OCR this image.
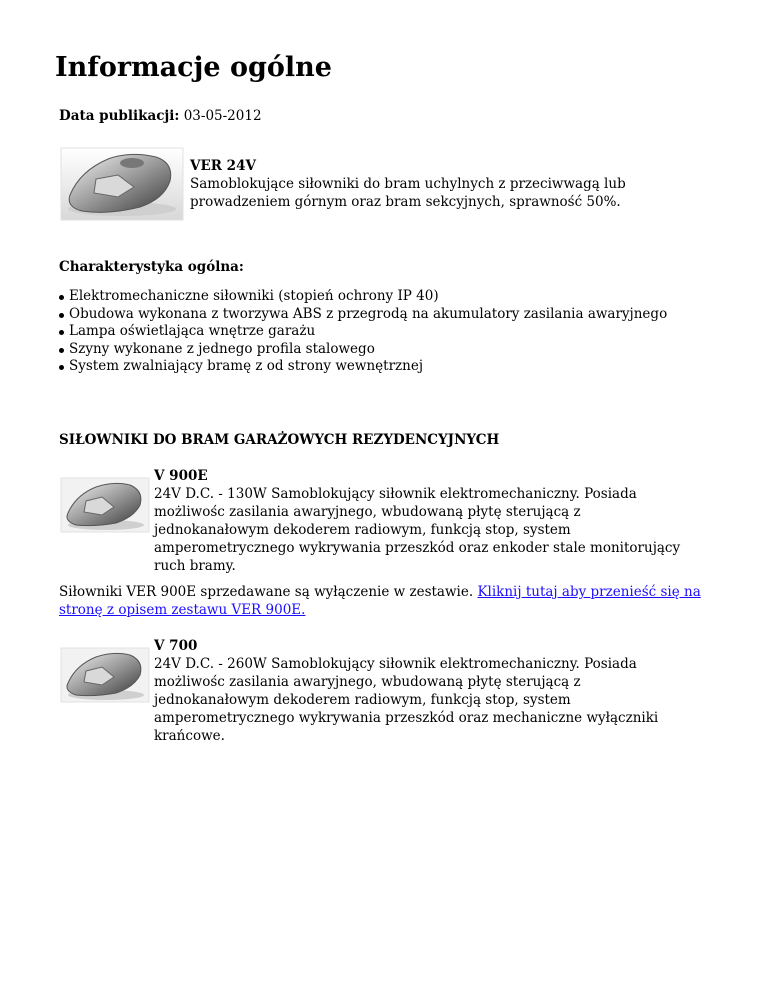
Informacje ogólne
Data publikacji: 03-05-2012
VER 24V
Samoblokujące siłowniki do bram uchylnych z przeciwwagą lub prowadzeniem górnym oraz bram sekcyjnych, sprawność 50%.
Charakterystyka ogólna:
Elektromechaniczne siłowniki (stopień ochrony IP 40)
Obudowa wykonana z tworzywa ABS z przegrodą na akumulatory zasilania awaryjnego
Lampa oświetlająca wnętrze garażu
Szyny wykonane z jednego profila stalowego
System zwalniający bramę z od strony wewnętrznej
SIŁOWNIKI DO BRAM GARAŻOWYCH REZYDENCYJNYCH
V 900E
24V D.C. - 130W Samoblokujący siłownik elektromechaniczny. Posiada możliwośc zasilania awaryjnego, wbudowaną płytę sterującą z jednokanałowym dekoderem radiowym, funkcją stop, system amperometrycznego wykrywania przeszkód oraz enkoder stale monitorujący ruch bramy.
Siłowniki VER 900E sprzedawane są wyłączenie w zestawie. Kliknij tutaj aby przenieść się na stronę z opisem zestawu VER 900E.
V 700
24V D.C. - 260W Samoblokujący siłownik elektromechaniczny. Posiada możliwośc zasilania awaryjnego, wbudowaną płytę sterującą z jednokanałowym dekoderem radiowym, funkcją stop, system amperometrycznego wykrywania przeszkód oraz mechaniczne wyłączniki krańcowe.
